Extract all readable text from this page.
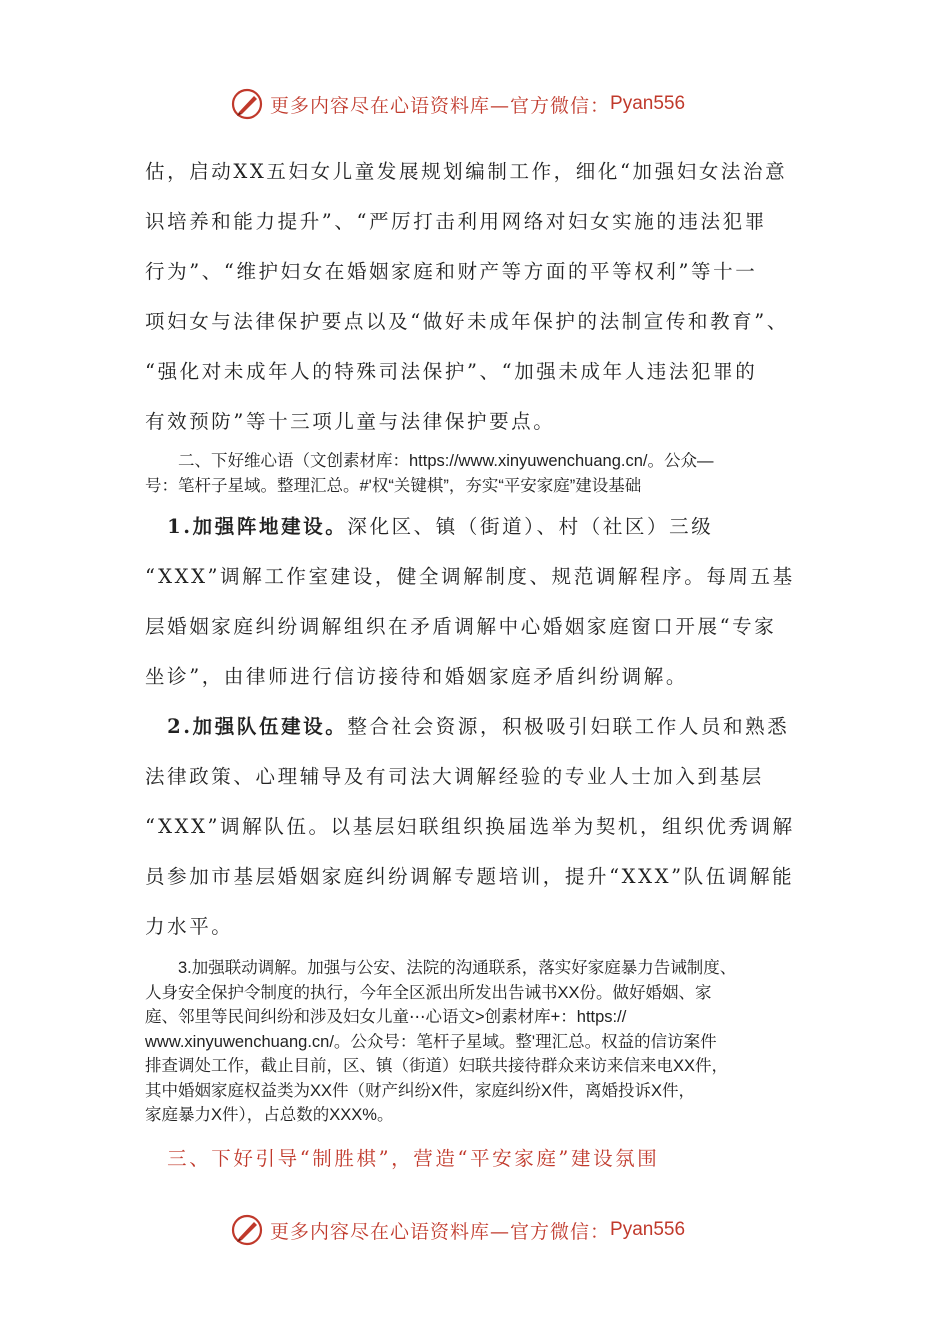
更多内容尽在心语资料库—官方微信： Pyan556

估，启动XX五妇女儿童发展规划编制工作，细化“加强妇女法治意

识培养和能力提升”、“严厉打击利用网络对妇女实施的违法犯罪

行为”、“维护妇女在婚姻家庭和财产等方面的平等权利”等十一

项妇女与法律保护要点以及“做好未成年保护的法制宣传和教育”、

“强化对未成年人的特殊司法保护”、“加强未成年人违法犯罪的

有效预防”等十三项儿童与法律保护要点。

　　二、下好维心语（文创素材库：https://www.xinyuwenchuang.cn/。公众—

号：笔杆子星域。整理汇总。#'权“关键棋”，夯实“平安家庭”建设基础

　1.加强阵地建设。深化区、镇（街道）、村（社区）三级

“XXX”调解工作室建设，健全调解制度、规范调解程序。每周五基

层婚姻家庭纠纷调解组织在矛盾调解中心婚姻家庭窗口开展“专家

坐诊”，由律师进行信访接待和婚姻家庭矛盾纠纷调解。

　2.加强队伍建设。整合社会资源，积极吸引妇联工作人员和熟悉

法律政策、心理辅导及有司法大调解经验的专业人士加入到基层

“XXX”调解队伍。以基层妇联组织换届选举为契机，组织优秀调解

员参加市基层婚姻家庭纠纷调解专题培训，提升“XXX”队伍调解能

力水平。

　　3.加强联动调解。加强与公安、法院的沟通联系，落实好家庭暴力告诫制度、

人身安全保护令制度的执行，今年全区派出所发出告诫书XX份。做好婚姻、家

庭、邻里等民间纠纷和涉及妇女儿童⋯心语文>创素材库+：https://

www.xinyuwenchuang.cn/。公众号：笔杆子星域。整'理汇总。权益的信访案件

排查调处工作，截止目前，区、镇（街道）妇联共接待群众来访来信来电XX件，

其中婚姻家庭权益类为XX件（财产纠纷X件，家庭纠纷X件，离婚投诉X件，

家庭暴力X件），占总数的XXX%。

　三、下好引导“制胜棋”，营造“平安家庭”建设氛围

更多内容尽在心语资料库—官方微信： Pyan556
